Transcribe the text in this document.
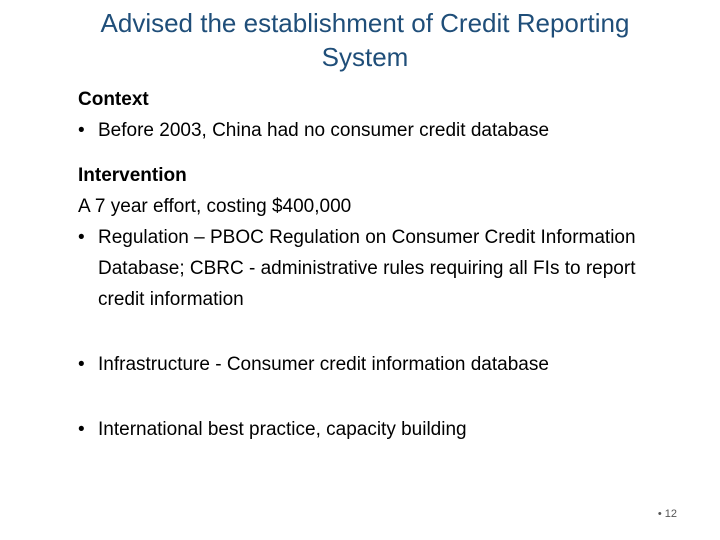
Advised the establishment of Credit Reporting System

Context

• Before 2003, China had no consumer credit database

Intervention

A 7 year effort, costing $400,000

• Regulation – PBOC Regulation on Consumer Credit Information Database; CBRC - administrative rules requiring all FIs to report credit information
• Infrastructure - Consumer credit information database
• International best practice, capacity building
• 12
